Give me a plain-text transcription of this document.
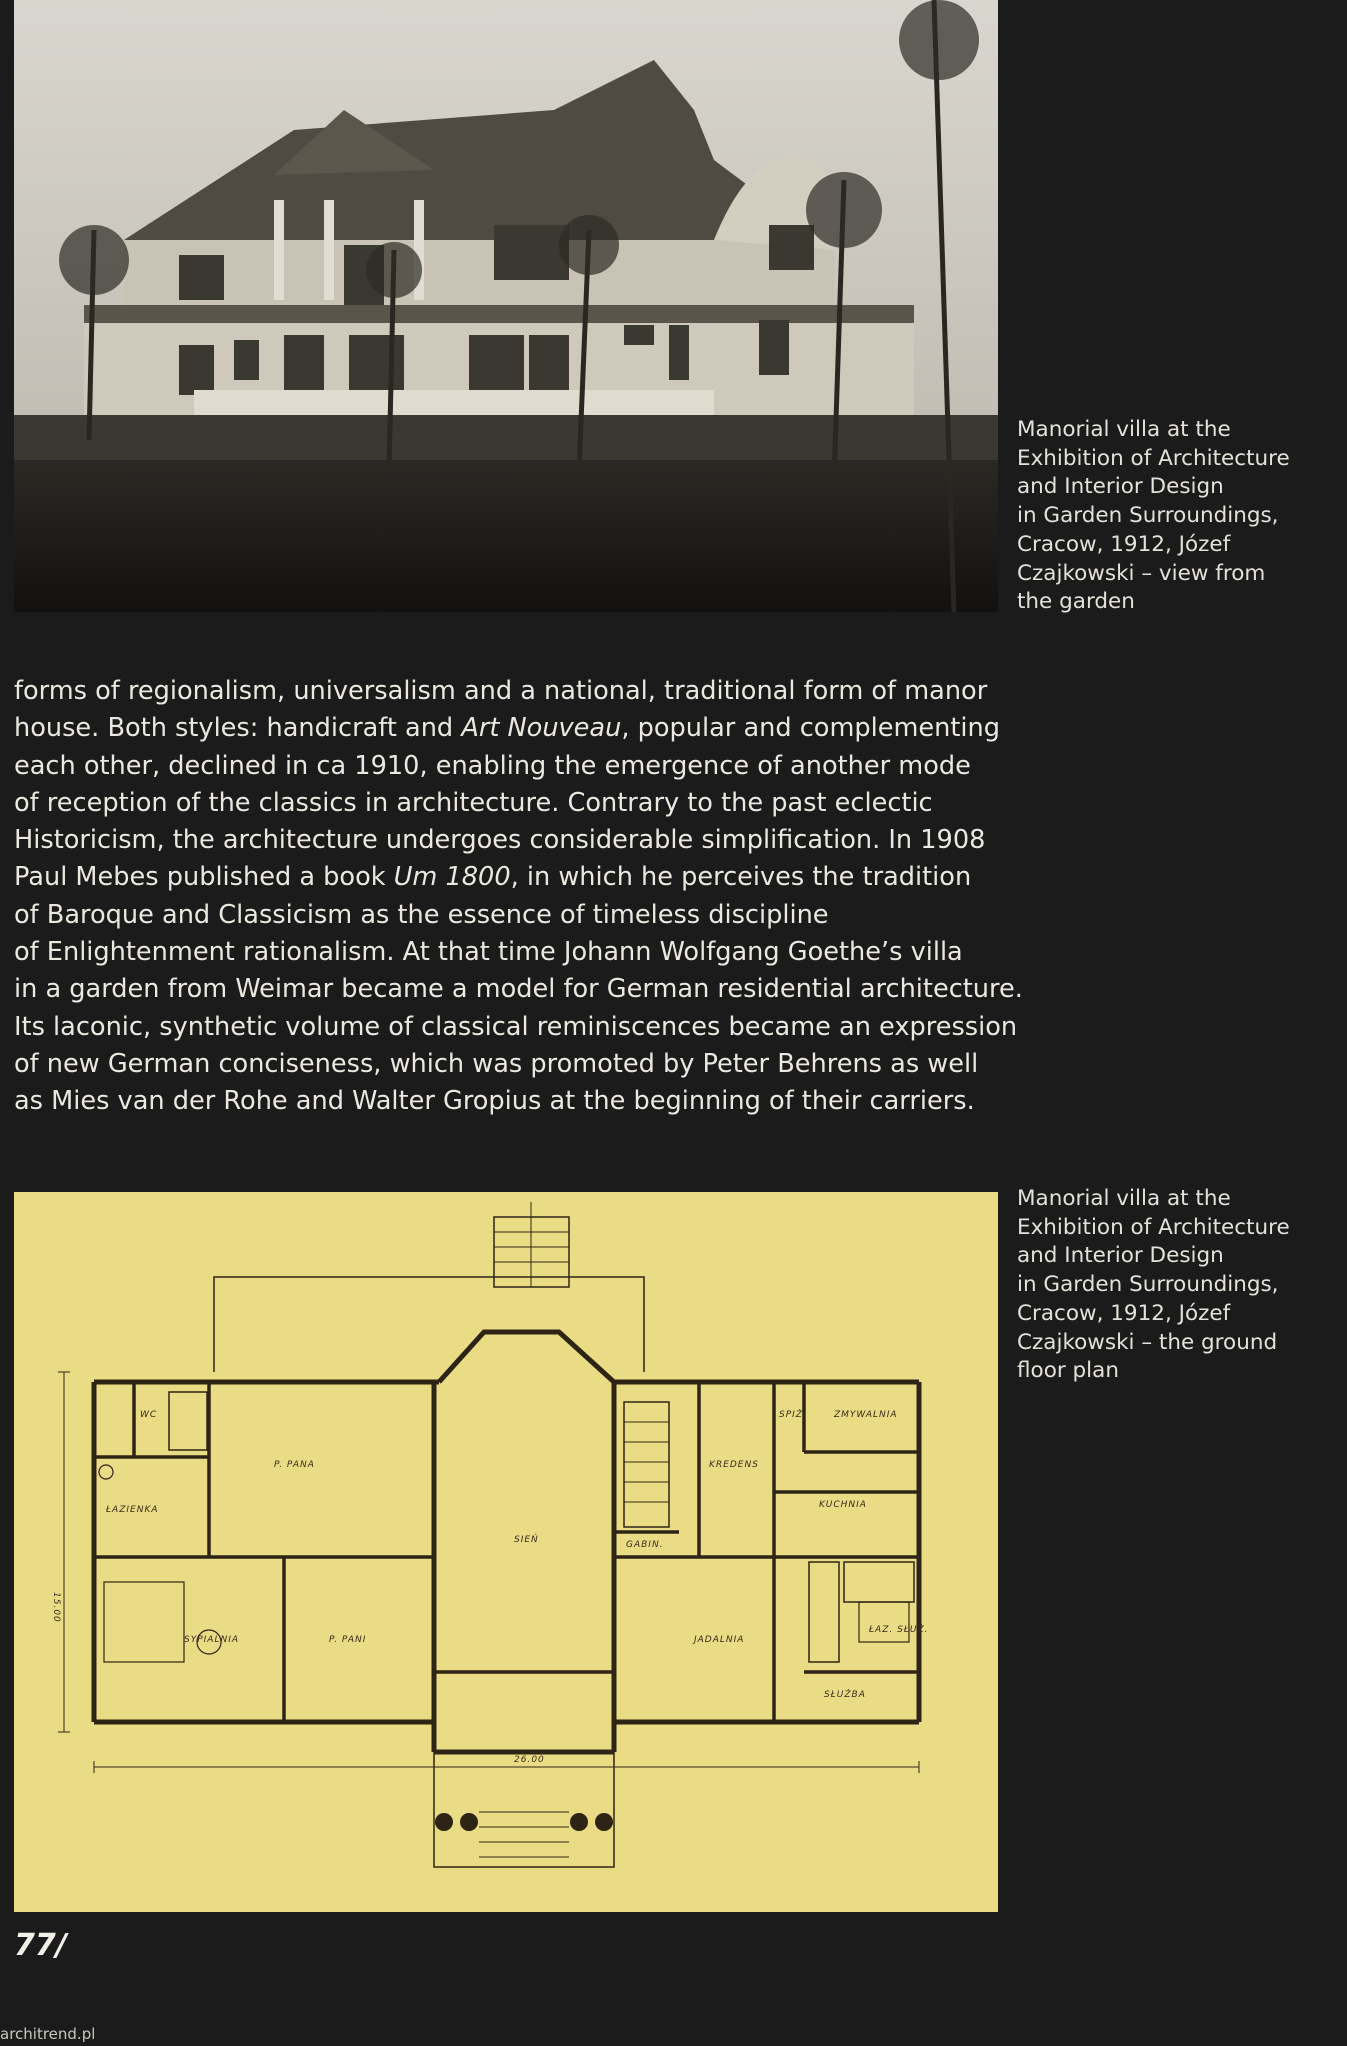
Manorial villa at the

Exhibition of Architecture

and Interior Design

in Garden Surroundings,

Cracow, 1912, Józef

Czajkowski – view from

the garden

forms of regionalism, universalism and a national, traditional form of manor
house. Both styles: handicraft and Art Nouveau, popular and complementing
each other, declined in ca 1910, enabling the emergence of another mode
of reception of the classics in architecture. Contrary to the past eclectic
Historicism, the architecture undergoes considerable simplification. In 1908
Paul Mebes published a book Um 1800, in which he perceives the tradition
of Baroque and Classicism as the essence of timeless discipline
of Enlightenment rationalism. At that time Johann Wolfgang Goethe’s villa
in a garden from Weimar became a model for German residential architecture.
Its laconic, synthetic volume of classical reminiscences became an expression
of new German conciseness, which was promoted by Peter Behrens as well
as Mies van der Rohe and Walter Gropius at the beginning of their carriers.
ŁAZIENKA
WC
P. PANA
SIEŃ
KREDENS
SPIŻ.	ZMYWALNIA
KUCHNIA
SYPIALNIA	P. PANI	JADALNIA
GABIN.
ŁAZ. SŁUŻ.
SŁUŻBA
26.00
15.00

Manorial villa at the

Exhibition of Architecture

and Interior Design

in Garden Surroundings,

Cracow, 1912, Józef

Czajkowski – the ground

floor plan

77/
architrend.pl
